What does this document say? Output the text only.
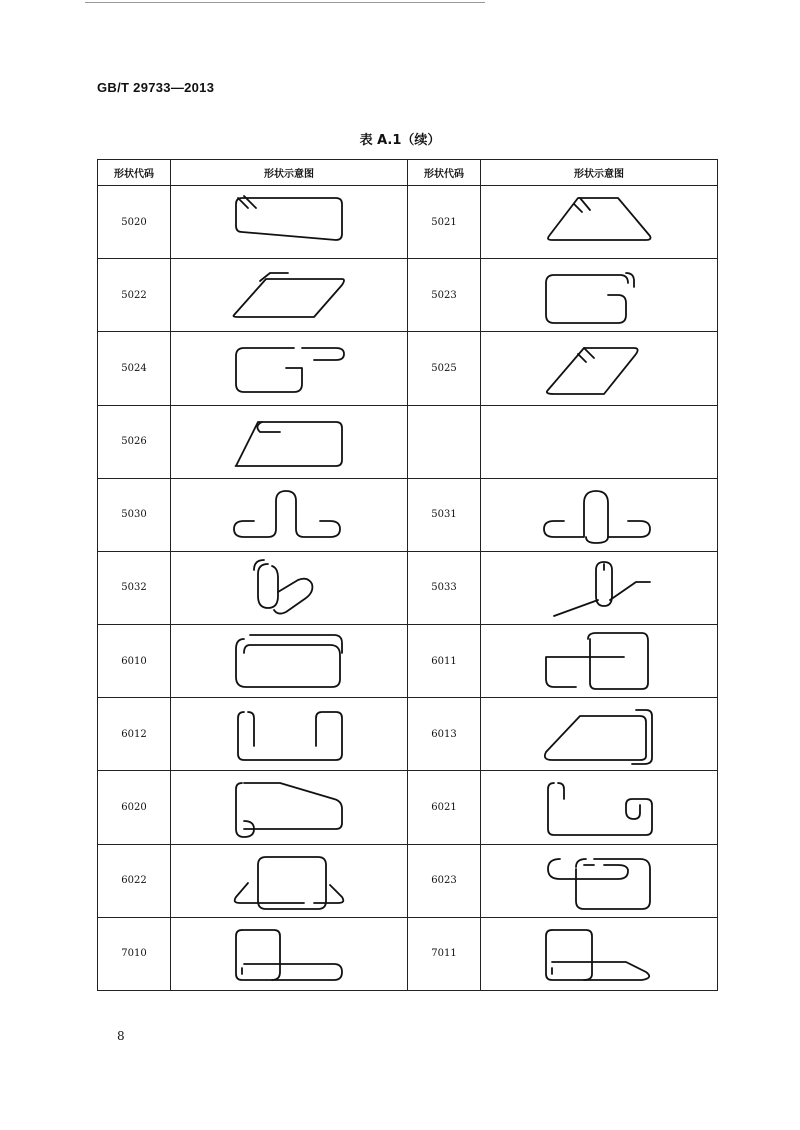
GB/T 29733—2013
表 A.1（续）
形状代码	形状示意图	形状代码	形状示意图
5020		5021	

5022		5023	

5024		5025	

5026	

5030		5031	

5032		5033	

6010		6011	

6012		6013	

6020		6021	

6022		6023	

7010		7011	
8
